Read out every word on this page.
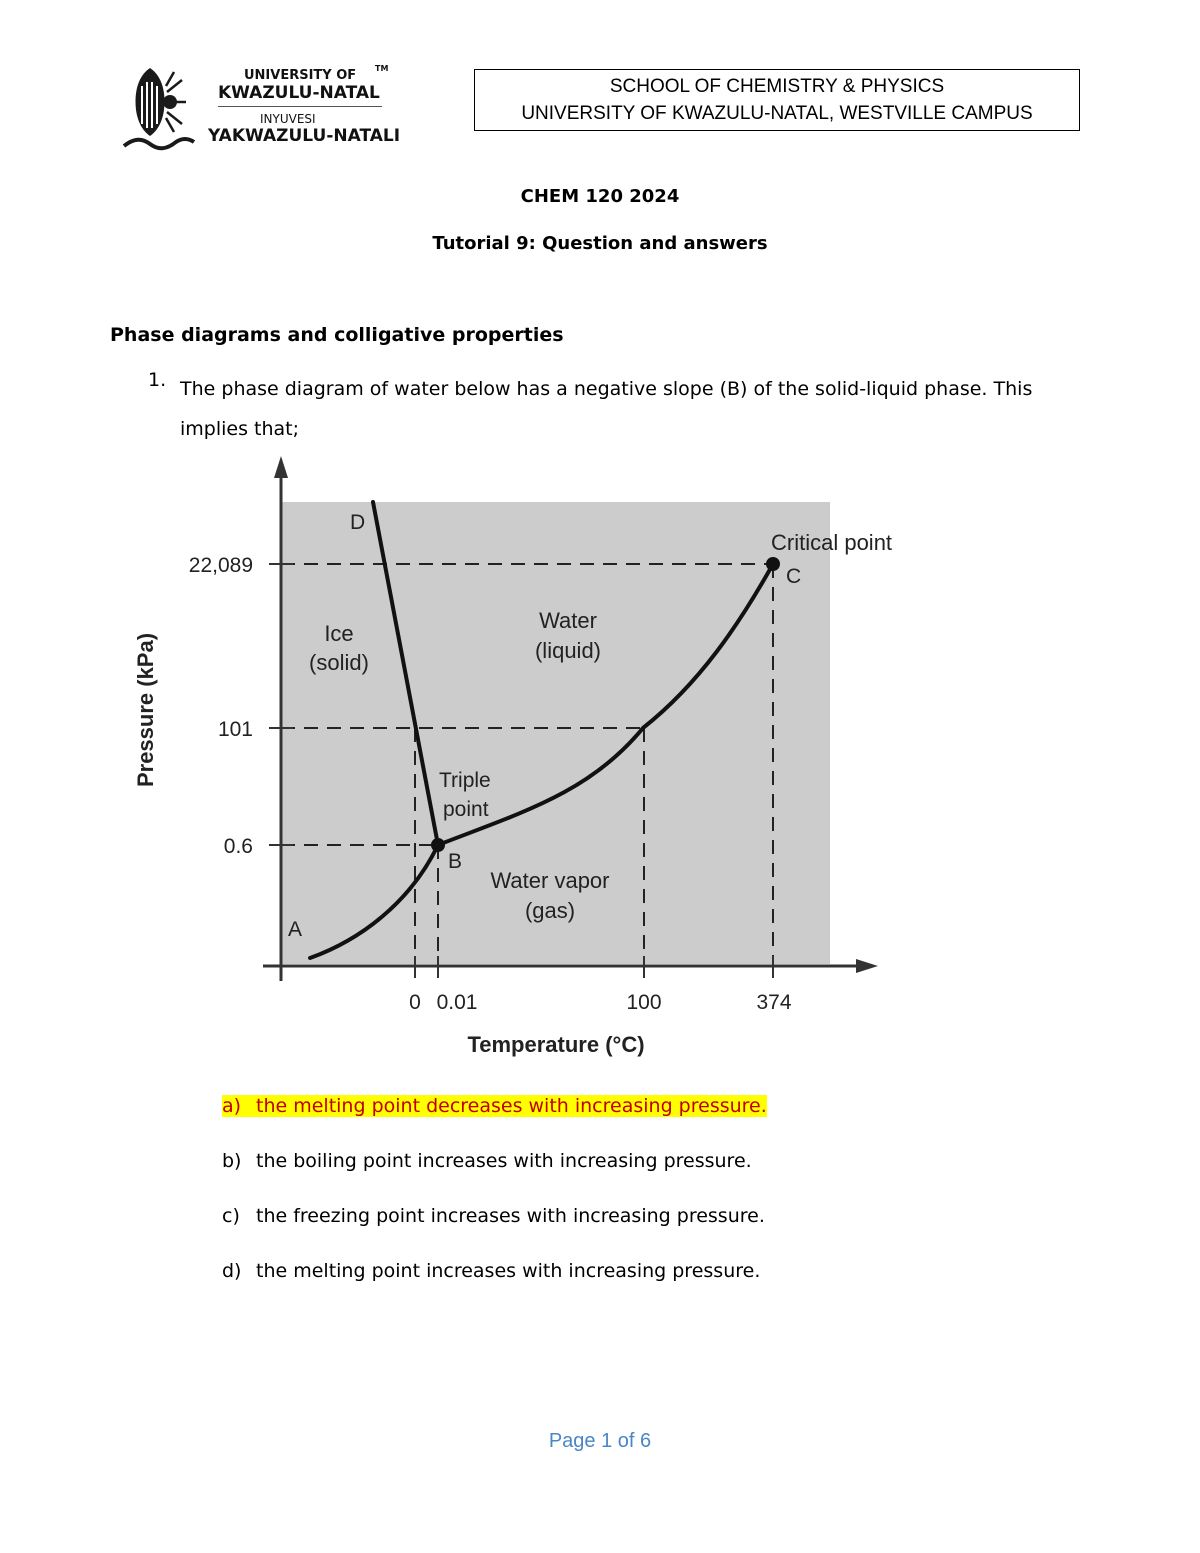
UNIVERSITY OF TM
KWAZULU-NATAL
INYUVESI
YAKWAZULU-NATALI
SCHOOL OF CHEMISTRY & PHYSICS
UNIVERSITY OF KWAZULU-NATAL, WESTVILLE CAMPUS
CHEM 120 2024
Tutorial 9: Question and answers
Phase diagrams and colligative properties
1. The phase diagram of water below has a negative slope (B) of the solid-liquid phase. This implies that;
22,089
101
0.6
0 0.01	100	374
Temperature (°C)
Pressure (kPa)	Ice
(solid)
Water
(liquid)
Water vapor
(gas)
A
B
C
D
Triple
point
Critical point
a) the melting point decreases with increasing pressure.
b) the boiling point increases with increasing pressure.
c) the freezing point increases with increasing pressure.
d) the melting point increases with increasing pressure.
Page 1 of 6
